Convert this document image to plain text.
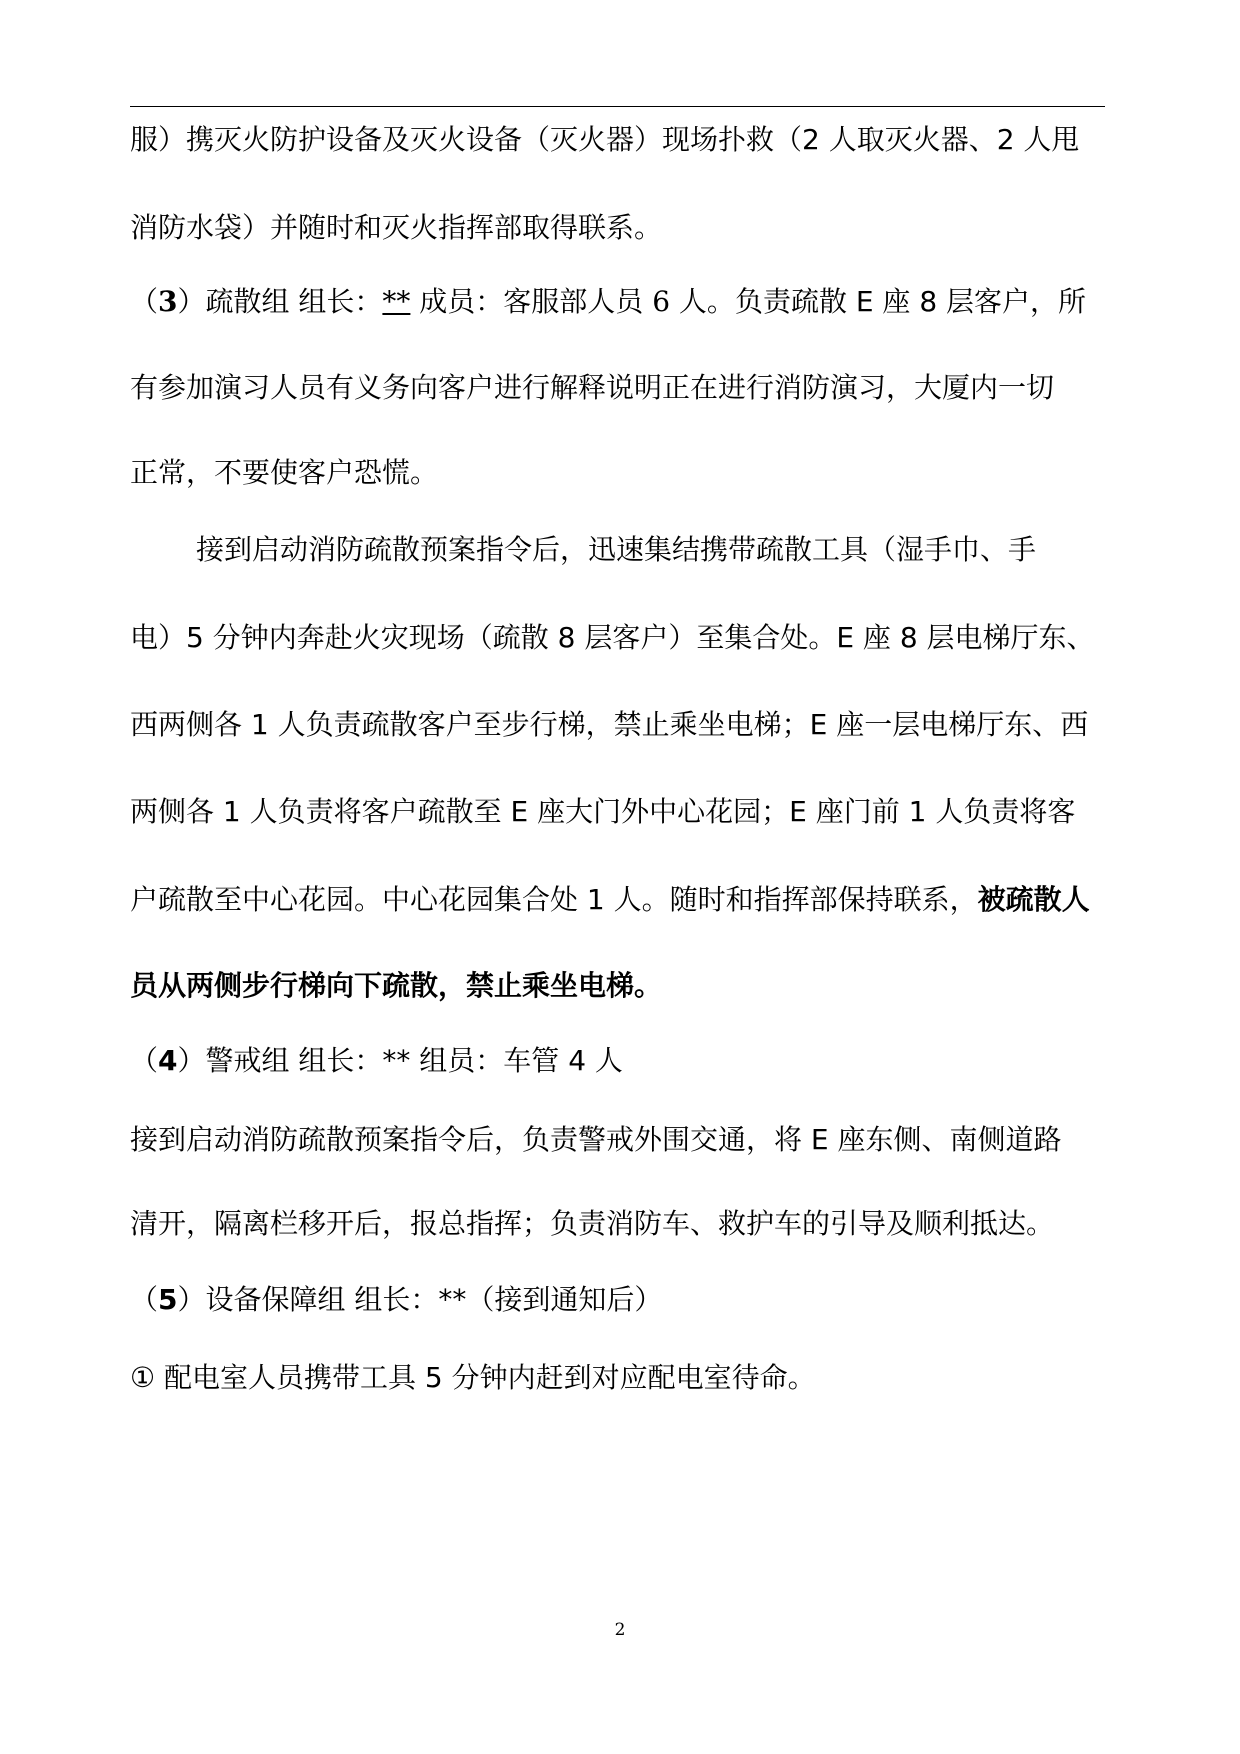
服）携灭火防护设备及灭火设备（灭火器）现场扑救（2 人取灭火器、2 人甩
消防水袋）并随时和灭火指挥部取得联系。
（3）疏散组 组长：** 成员：客服部人员 6 人。负责疏散 E 座 8 层客户，所
有参加演习人员有义务向客户进行解释说明正在进行消防演习，大厦内一切
正常，不要使客户恐慌。
接到启动消防疏散预案指令后，迅速集结携带疏散工具（湿手巾、手
电）5 分钟内奔赴火灾现场（疏散 8 层客户）至集合处。E 座 8 层电梯厅东、
西两侧各 1 人负责疏散客户至步行梯，禁止乘坐电梯；E 座一层电梯厅东、西
两侧各 1 人负责将客户疏散至 E 座大门外中心花园；E 座门前 1 人负责将客
户疏散至中心花园。中心花园集合处 1 人。随时和指挥部保持联系，被疏散人
员从两侧步行梯向下疏散，禁止乘坐电梯。
（4）警戒组 组长：** 组员：车管 4 人
接到启动消防疏散预案指令后，负责警戒外围交通，将 E 座东侧、南侧道路
清开，隔离栏移开后，报总指挥；负责消防车、救护车的引导及顺利抵达。
（5）设备保障组 组长：**（接到通知后）
① 配电室人员携带工具 5 分钟内赶到对应配电室待命。
2
